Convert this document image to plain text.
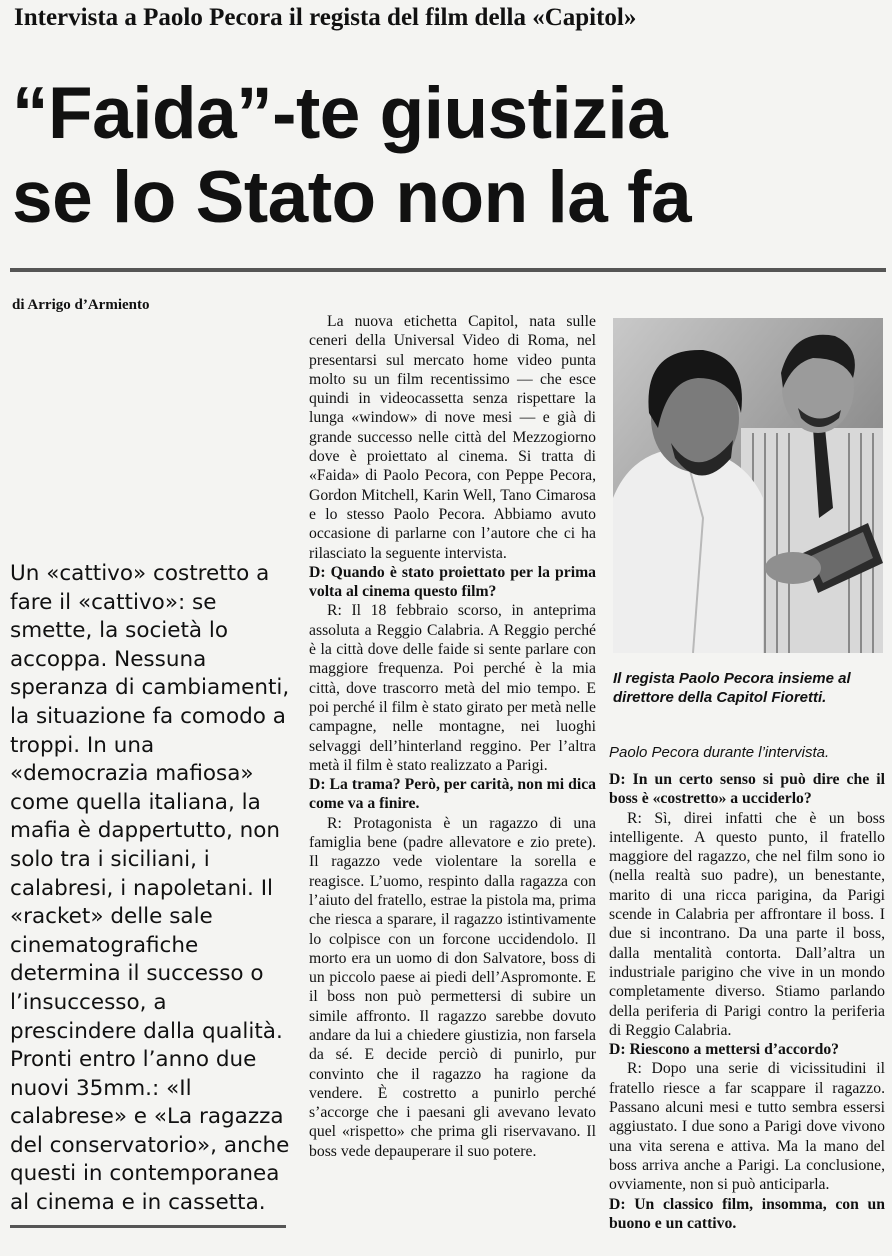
Intervista a Paolo Pecora il regista del film della «Capitol»
“Faida”-te giustizia
se lo Stato non la fa
di Arrigo d’Armiento
Un «cattivo» costretto a fare il «cattivo»: se smette, la società lo accoppa. Nessuna speranza di cambiamenti, la situazione fa comodo a troppi. In una «democrazia mafiosa» come quella italiana, la mafia è dappertutto, non solo tra i siciliani, i calabresi, i napoletani. Il «racket» delle sale cinematografiche determina il successo o l’insuccesso, a prescindere dalla qualità. Pronti entro l’anno due nuovi 35mm.: «Il calabrese» e «La ragazza del conservatorio», anche questi in contemporanea al cinema e in cassetta.

La nuova etichetta Capitol, nata sulle ceneri della Universal Video di Roma, nel presentarsi sul mercato home video punta molto su un film recentissimo — che esce quindi in videocassetta senza rispettare la lunga «window» di nove mesi — e già di grande successo nelle città del Mezzogiorno dove è proiettato al cinema. Si tratta di «Faida» di Paolo Pecora, con Peppe Pecora, Gordon Mitchell, Karin Well, Tano Cimarosa e lo stesso Paolo Pecora. Abbiamo avuto occasione di parlarne con l’autore che ci ha rilasciato la seguente intervista.

D: Quando è stato proiettato per la prima volta al cinema questo film?

R: Il 18 febbraio scorso, in anteprima assoluta a Reggio Calabria. A Reggio perché è la città dove delle faide si sente parlare con maggiore frequenza. Poi perché è la mia città, dove trascorro metà del mio tempo. E poi perché il film è stato girato per metà nelle campagne, nelle montagne, nei luoghi selvaggi dell’hinterland reggino. Per l’altra metà il film è stato realizzato a Parigi.

D: La trama? Però, per carità, non mi dica come va a finire.

R: Protagonista è un ragazzo di una famiglia bene (padre allevatore e zio prete). Il ragazzo vede violentare la sorella e reagisce. L’uomo, respinto dalla ragazza con l’aiuto del fratello, estrae la pistola ma, prima che riesca a sparare, il ragazzo istintivamente lo colpisce con un forcone uccidendolo. Il morto era un uomo di don Salvatore, boss di un piccolo paese ai piedi dell’Aspromonte. E il boss non può permettersi di subire un simile affronto. Il ragazzo sarebbe dovuto andare da lui a chiedere giustizia, non farsela da sé. E decide perciò di punirlo, pur convinto che il ragazzo ha ragione da vendere. È costretto a punirlo perché s’accorge che i paesani gli avevano levato quel «rispetto» che prima gli riservavano. Il boss vede depauperare il suo potere.

Il regista Paolo Pecora insieme al direttore della Capitol Fioretti.
Paolo Pecora durante l’intervista.

D: In un certo senso si può dire che il boss è «costretto» a ucciderlo?

R: Sì, direi infatti che è un boss intelligente. A questo punto, il fratello maggiore del ragazzo, che nel film sono io (nella realtà suo padre), un benestante, marito di una ricca parigina, da Parigi scende in Calabria per affrontare il boss. I due si incontrano. Da una parte il boss, dalla mentalità contorta. Dall’altra un industriale parigino che vive in un mondo completamente diverso. Stiamo parlando della periferia di Parigi contro la periferia di Reggio Calabria.

D: Riescono a mettersi d’accordo?

R: Dopo una serie di vicissitudini il fratello riesce a far scappare il ragazzo. Passano alcuni mesi e tutto sembra essersi aggiustato. I due sono a Parigi dove vivono una vita serena e attiva. Ma la mano del boss arriva anche a Parigi. La conclusione, ovviamente, non si può anticiparla.

D: Un classico film, insomma, con un buono e un cattivo.
